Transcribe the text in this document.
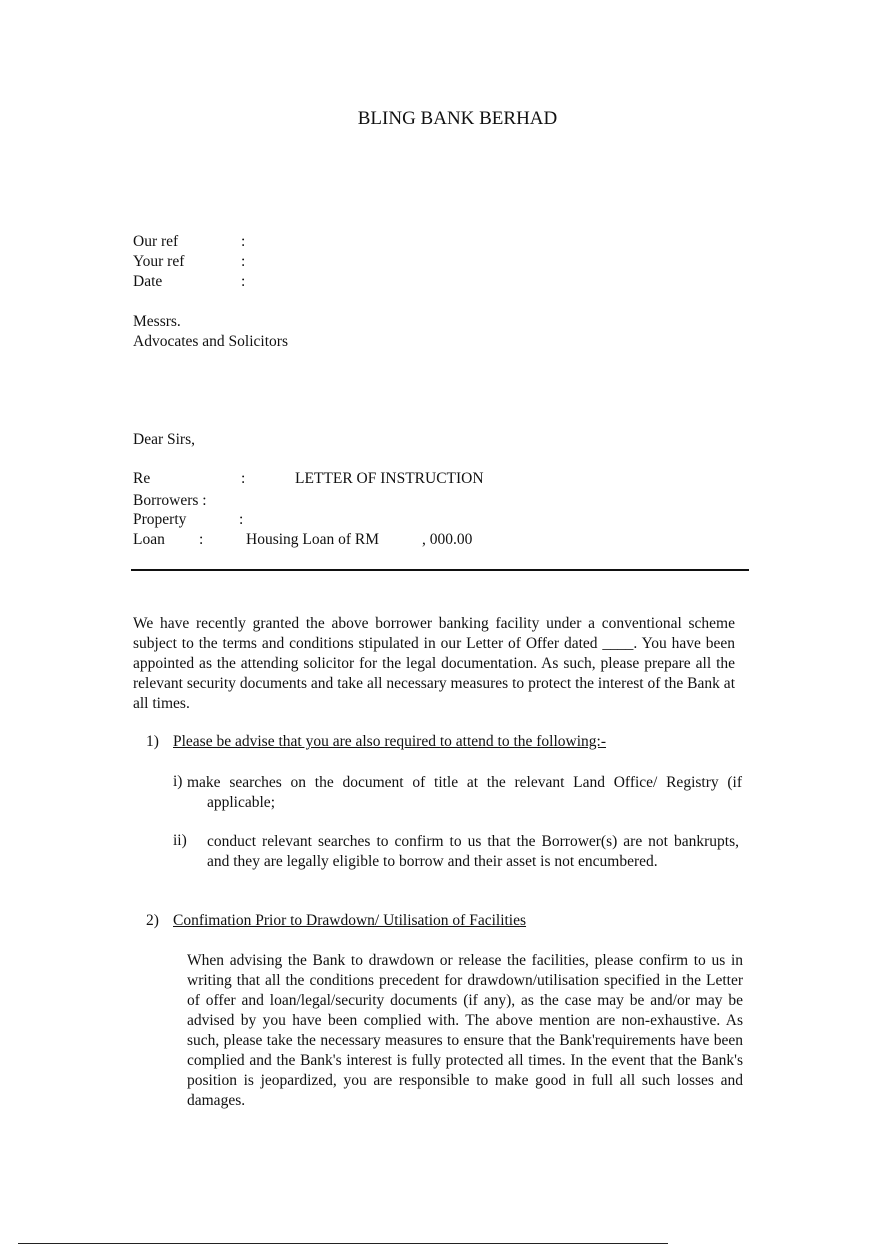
BLING BANK BERHAD
Our ref	:
Your ref	:
Date	:
Messrs.
Advocates and Solicitors
Dear Sirs,
Re	:	LETTER OF INSTRUCTION
Borrowers :
Property	:
Loan :	Housing Loan of RM	, 000.00
We have recently granted the above borrower banking facility under a conventional scheme subject to the terms and conditions stipulated in our Letter of Offer dated ____. You have been appointed as the attending solicitor for the legal documentation. As such, please prepare all the relevant security documents and take all necessary measures to protect the interest of the Bank at all times.
1) Please be advise that you are also required to attend to the following:-
i) make searches on the document of title at the relevant Land Office/ Registry (if applicable;
ii) conduct relevant searches to confirm to us that the Borrower(s) are not bankrupts, and they are legally eligible to borrow and their asset is not encumbered.
2) Confimation Prior to Drawdown/ Utilisation of Facilities
When advising the Bank to drawdown or release the facilities, please confirm to us in writing that all the conditions precedent for drawdown/utilisation specified in the Letter of offer and loan/legal/security documents (if any), as the case may be and/or may be advised by you have been complied with. The above mention are non-exhaustive. As such, please take the necessary measures to ensure that the Bank'requirements have been complied and the Bank's interest is fully protected all times. In the event that the Bank's position is jeopardized, you are responsible to make good in full all such losses and damages.
